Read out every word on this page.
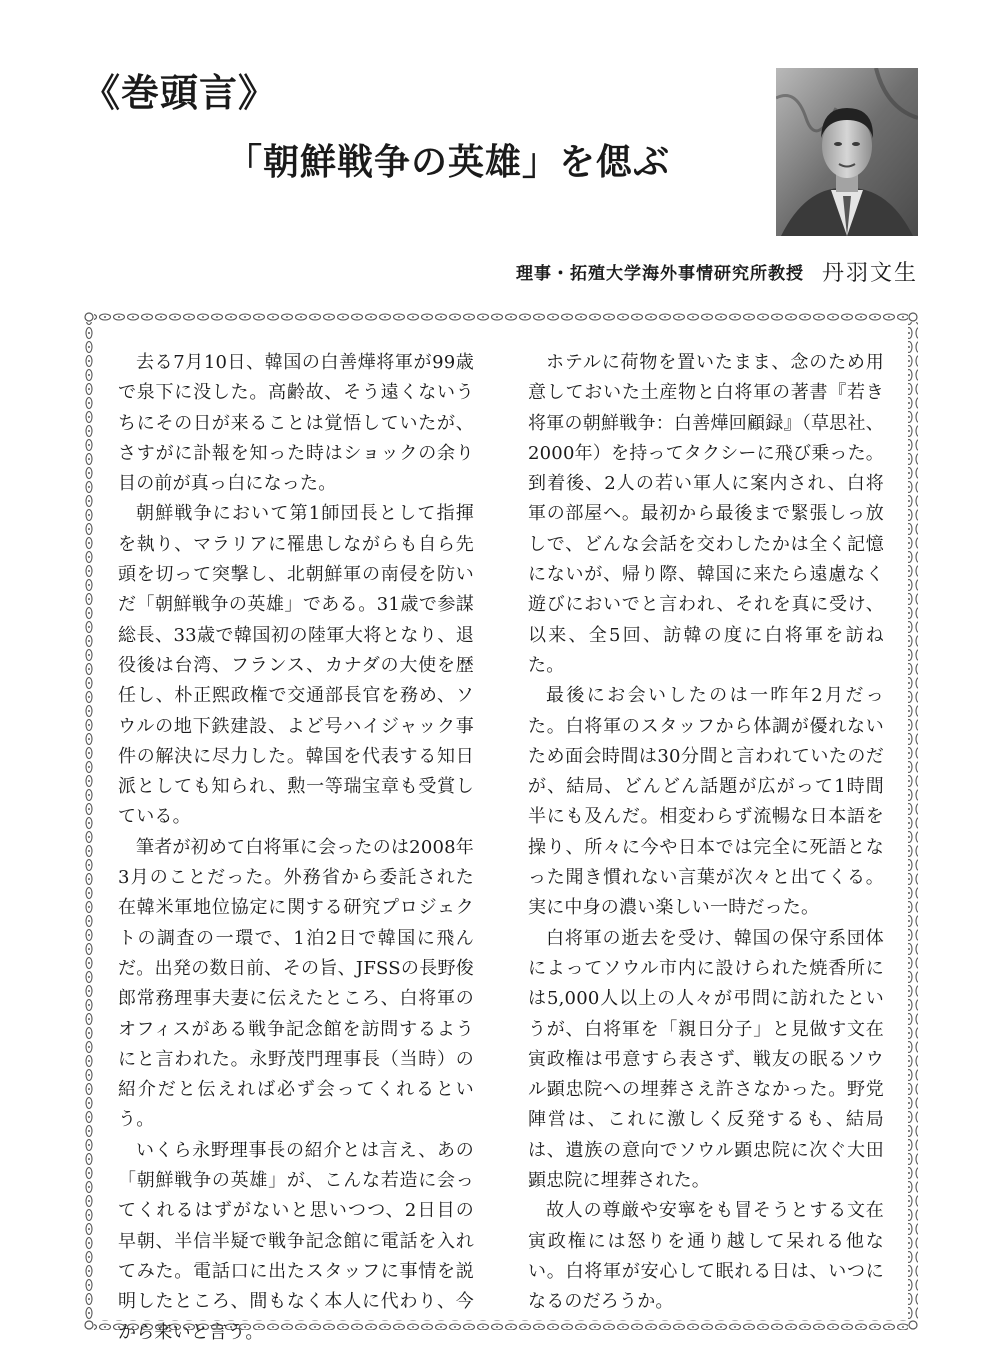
《巻頭言》
「朝鮮戦争の英雄」を偲ぶ
理事・拓殖大学海外事情研究所教授 丹羽文生

去る7月10日、韓国の白善燁将軍が99歳で泉下に没した。高齢故、そう遠くないうちにその日が来ることは覚悟していたが、さすがに訃報を知った時はショックの余り目の前が真っ白になった。

朝鮮戦争において第1師団長として指揮を執り、マラリアに罹患しながらも自ら先頭を切って突撃し、北朝鮮軍の南侵を防いだ「朝鮮戦争の英雄」である。31歳で参謀総長、33歳で韓国初の陸軍大将となり、退役後は台湾、フランス、カナダの大使を歴任し、朴正熙政権で交通部長官を務め、ソウルの地下鉄建設、よど号ハイジャック事件の解決に尽力した。韓国を代表する知日派としても知られ、勲一等瑞宝章も受賞している。

筆者が初めて白将軍に会ったのは2008年3月のことだった。外務省から委託された在韓米軍地位協定に関する研究プロジェクトの調査の一環で、1泊2日で韓国に飛んだ。出発の数日前、その旨、JFSSの長野俊郎常務理事夫妻に伝えたところ、白将軍のオフィスがある戦争記念館を訪問するようにと言われた。永野茂門理事長（当時）の紹介だと伝えれば必ず会ってくれるという。

いくら永野理事長の紹介とは言え、あの「朝鮮戦争の英雄」が、こんな若造に会ってくれるはずがないと思いつつ、2日目の早朝、半信半疑で戦争記念館に電話を入れてみた。電話口に出たスタッフに事情を説明したところ、間もなく本人に代わり、今から来いと言う。

ホテルに荷物を置いたまま、念のため用意しておいた土産物と白将軍の著書『若き将軍の朝鮮戦争：白善燁回顧録』（草思社、2000年）を持ってタクシーに飛び乗った。到着後、2人の若い軍人に案内され、白将軍の部屋へ。最初から最後まで緊張しっ放しで、どんな会話を交わしたかは全く記憶にないが、帰り際、韓国に来たら遠慮なく遊びにおいでと言われ、それを真に受け、以来、全5回、訪韓の度に白将軍を訪ねた。

最後にお会いしたのは一昨年2月だった。白将軍のスタッフから体調が優れないため面会時間は30分間と言われていたのだが、結局、どんどん話題が広がって1時間半にも及んだ。相変わらず流暢な日本語を操り、所々に今や日本では完全に死語となった聞き慣れない言葉が次々と出てくる。実に中身の濃い楽しい一時だった。

白将軍の逝去を受け、韓国の保守系団体によってソウル市内に設けられた焼香所には5,000人以上の人々が弔問に訪れたというが、白将軍を「親日分子」と見做す文在寅政権は弔意すら表さず、戦友の眠るソウル顕忠院への埋葬さえ許さなかった。野党陣営は、これに激しく反発するも、結局は、遺族の意向でソウル顕忠院に次ぐ大田顕忠院に埋葬された。

故人の尊厳や安寧をも冒そうとする文在寅政権には怒りを通り越して呆れる他ない。白将軍が安心して眠れる日は、いつになるのだろうか。
